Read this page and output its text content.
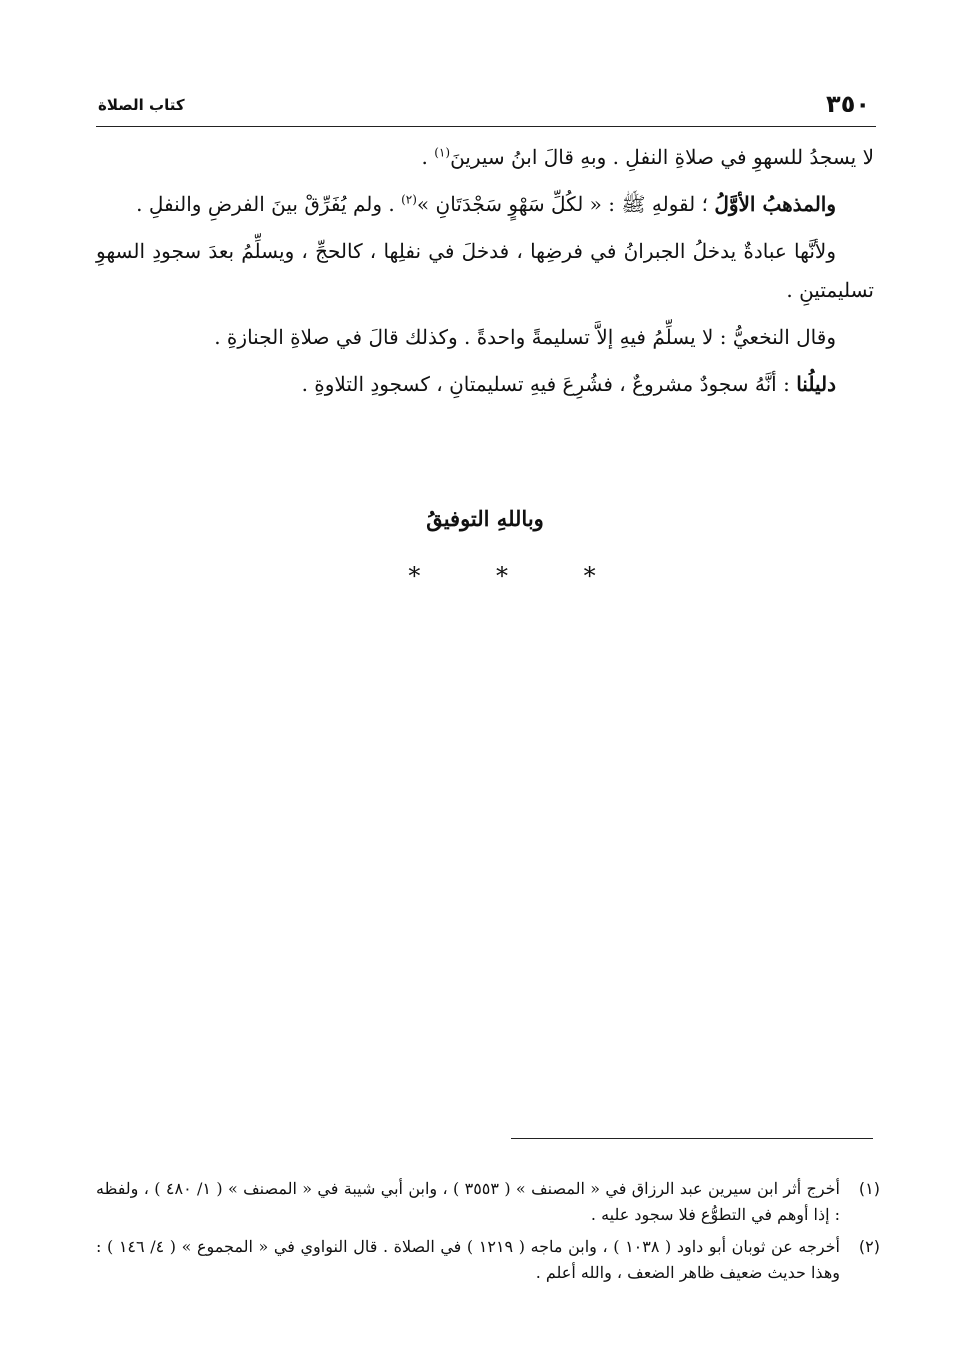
٣٥٠
كتاب الصلاة

لا يسجدُ للسهوِ في صلاةِ النفلِ . وبهِ قالَ ابنُ سيرينَ$^{(١)}$ .

والمذهبُ الأوَّلُ ؛ لقولهِ ﷺ : « لكُلِّ سَهْوٍ سَجْدَتَانِ »$^{(٢)}$ . ولم يُفَرِّقْ بينَ الفرضِ والنفلِ .

ولأنَّها عبادةٌ يدخلُ الجبرانُ في فرضِها ، فدخلَ في نفلِها ، كالحجِّ ، ويسلِّمُ بعدَ سجودِ السهوِ تسليمتينِ .

وقال النخعيُّ : لا يسلِّمُ فيهِ إلاَّ تسليمةً واحدةً . وكذلك قالَ في صلاةِ الجنازةِ .

دليلُنا : أنَّهُ سجودٌ مشروعٌ ، فشُرِعَ فيهِ تسليمتانِ ، كسجودِ التلاوةِ .

وباللهِ التوفيقُ
* * *
(١)
أخرج أثر ابن سيرين عبد الرزاق في « المصنف » ( ٣٥٥٣ ) ، وابن أبي شيبة في « المصنف » ( ١/ ٤٨٠ ) ، ولفظه : إذا أوهم في التطوُّع فلا سجود عليه .
(٢)
أخرجه عن ثوبان أبو داود ( ١٠٣٨ ) ، وابن ماجه ( ١٢١٩ ) في الصلاة . قال النواوي في « المجموع » ( ٤/ ١٤٦ ) : وهذا حديث ضعيف ظاهر الضعف ، والله أعلم .
